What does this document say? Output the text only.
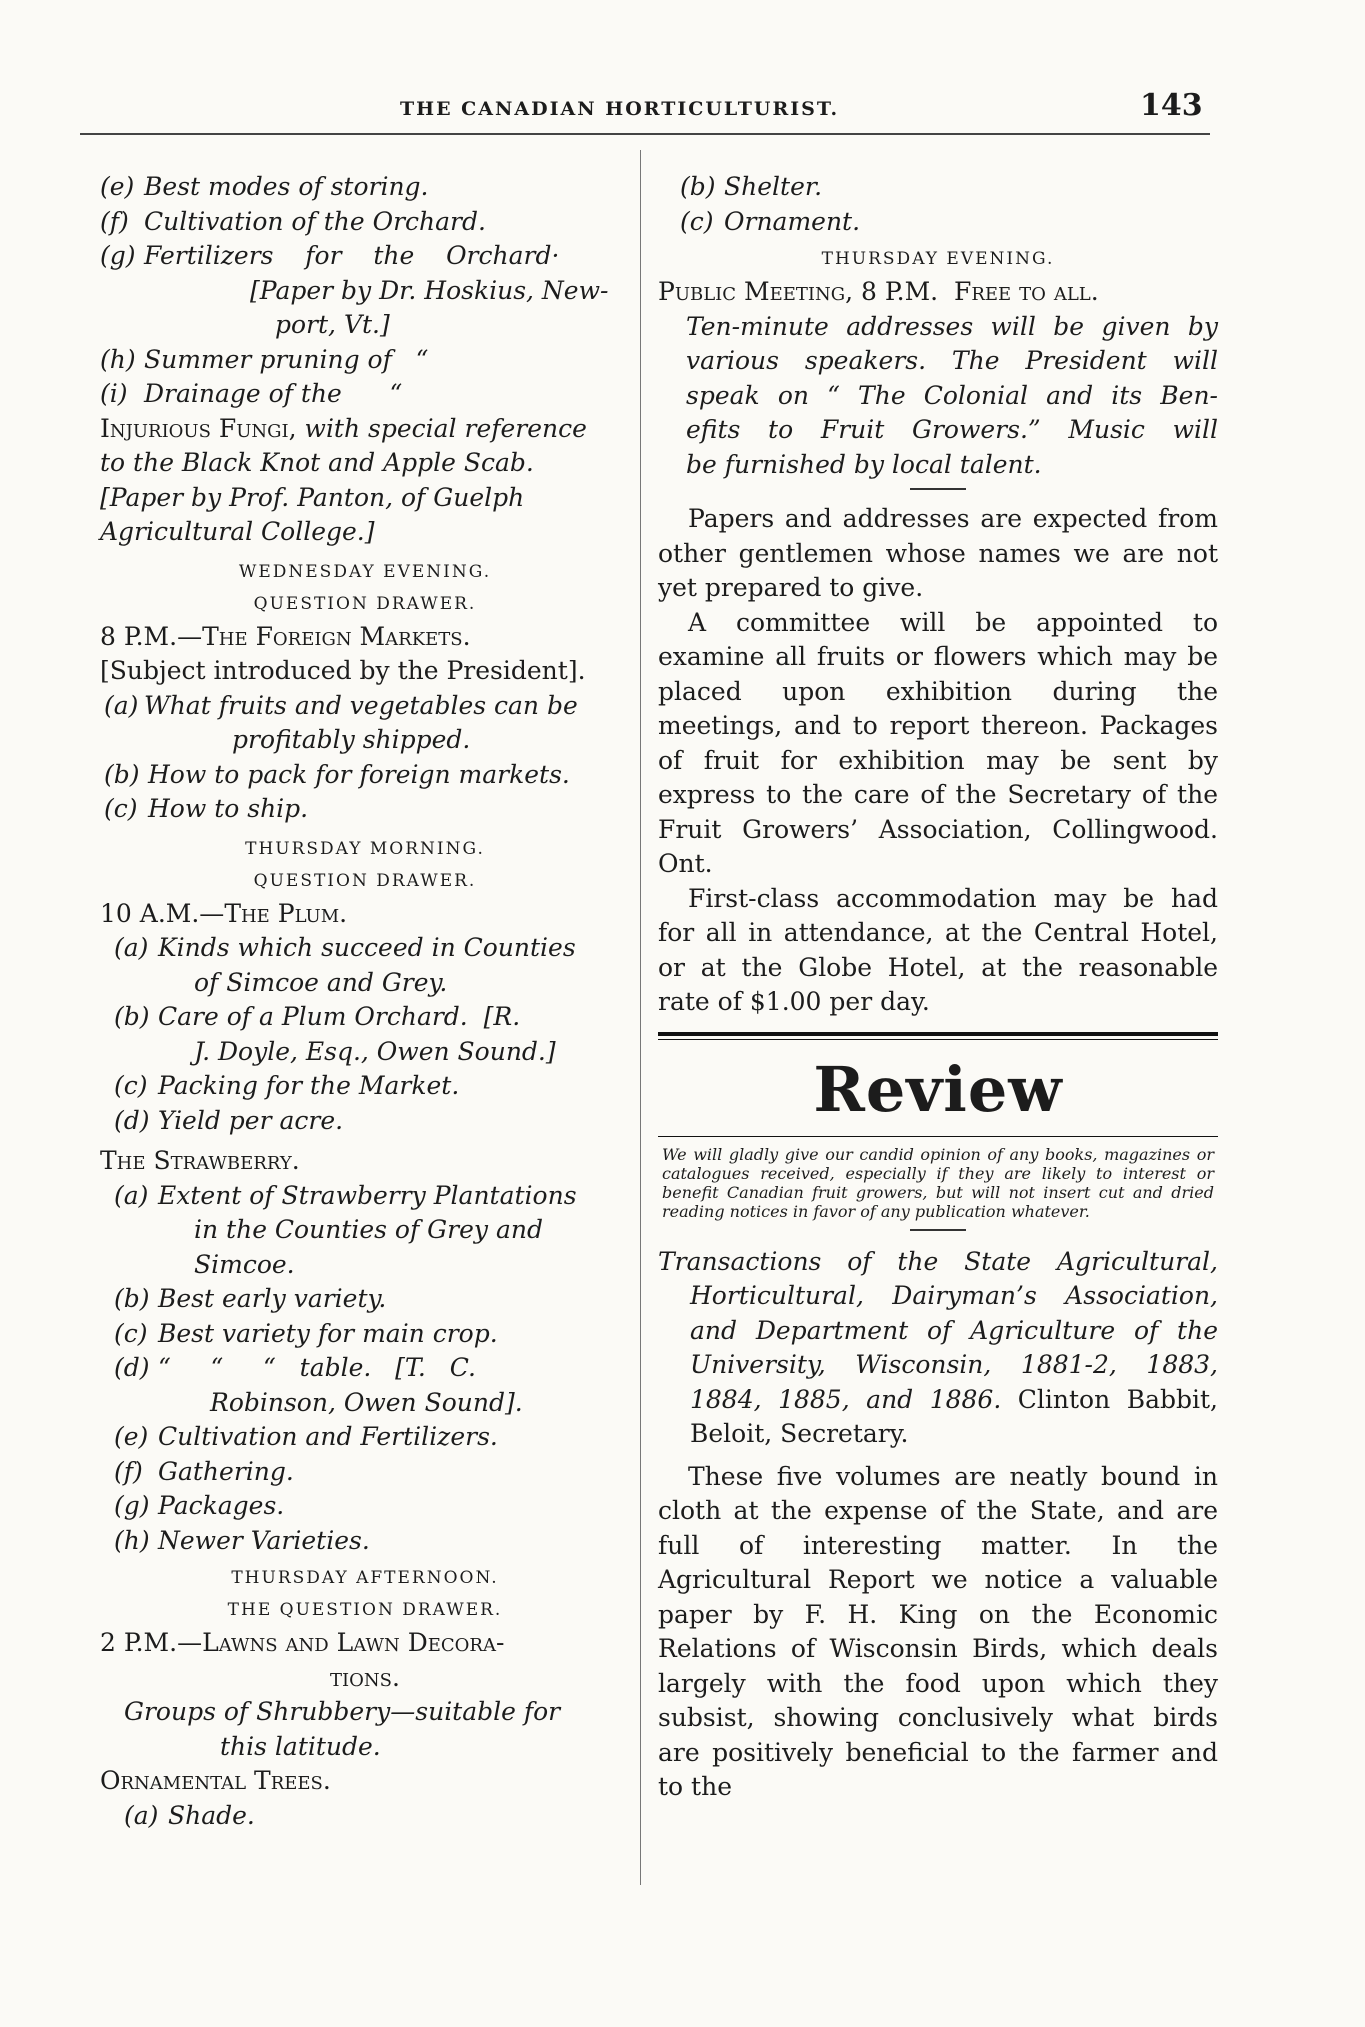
THE CANADIAN HORTICULTURIST.	143
(e) Best modes of storing.
(f) Cultivation of the Orchard.
(g) Fertilizers    for    the    Orchard·
[Paper by Dr. Hoskius, New-
port, Vt.]
(h) Summer pruning of   “
(i) Drainage of the      “
Injurious Fungi, with special reference
to the Black Knot and Apple Scab.
[Paper by Prof. Panton, of Guelph
Agricultural College.]
WEDNESDAY EVENING.
QUESTION DRAWER.
8 P.M.—The Foreign Markets.
[Subject introduced by the President].
(a) What fruits and vegetables can be
profitably shipped.
(b) How to pack for foreign markets.
(c) How to ship.
THURSDAY MORNING.
QUESTION DRAWER.
10 A.M.—The Plum.
(a) Kinds which succeed in Counties
of Simcoe and Grey.
(b) Care of a Plum Orchard.  [R.
J. Doyle, Esq., Owen Sound.]
(c) Packing for the Market.
(d) Yield per acre.
The Strawberry.
(a) Extent of Strawberry Plantations
in the Counties of Grey and
Simcoe.
(b) Best early variety.
(c) Best variety for main crop.
(d) “     “     “   table.   [T.   C.
Robinson, Owen Sound].
(e) Cultivation and Fertilizers.
(f) Gathering.
(g) Packages.
(h) Newer Varieties.
THURSDAY AFTERNOON.
THE QUESTION DRAWER.
2 P.M.—Lawns and Lawn Decora-
tions.
Groups of Shrubbery—suitable for
this latitude.
Ornamental Trees.
(a) Shade.
(b) Shelter.
(c) Ornament.
THURSDAY EVENING.
Public Meeting, 8 P.M.  Free to all.
Ten-minute addresses will be given by
various speakers. The President will
speak on “ The Colonial and its Ben-
efits to Fruit Growers.” Music will
be furnished by local talent.
Papers and addresses are expected from other gentlemen whose names we are not yet prepared to give.
A committee will be appointed to examine all fruits or flowers which may be placed upon exhibition during the meetings, and to report thereon. Packages of fruit for exhibition may be sent by express to the care of the Secretary of the Fruit Growers’ Association, Collingwood. Ont.
First-class accommodation may be had for all in attendance, at the Central Hotel, or at the Globe Hotel, at the reasonable rate of $1.00 per day.
Review
We will gladly give our candid opinion of any books, magazines or catalogues received, especially if they are likely to interest or benefit Canadian fruit growers, but will not insert cut and dried reading notices in favor of any publication whatever.
Transactions of the State Agricultural, Horticultural, Dairyman’s Association, and Department of Agriculture of the University, Wisconsin, 1881-2, 1883, 1884, 1885, and 1886. Clinton Babbit, Beloit, Secretary.
These five volumes are neatly bound in cloth at the expense of the State, and are full of interesting matter. In the Agricultural Report we notice a valuable paper by F. H. King on the Economic Relations of Wisconsin Birds, which deals largely with the food upon which they subsist, showing conclusively what birds are positively beneficial to the farmer and to the
